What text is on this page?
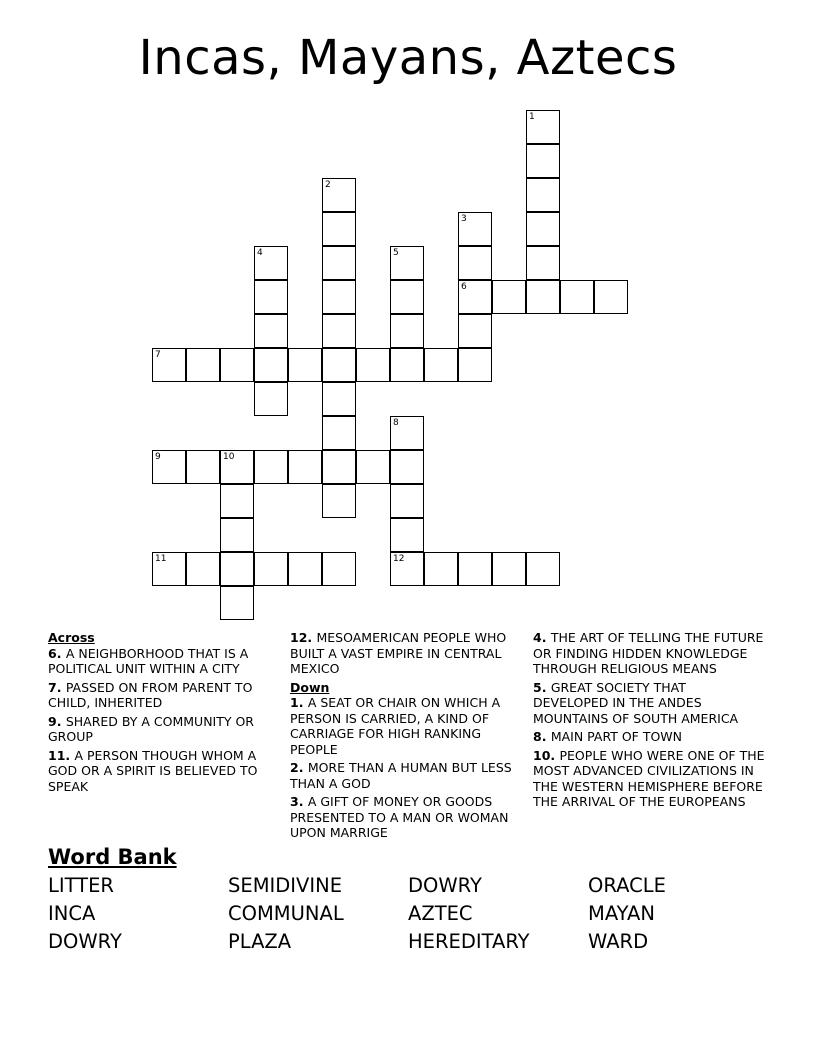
Incas, Mayans, Aztecs
1
2
3
6
4	5
7
8
12
9	10
11
Across
6. A NEIGHBORHOOD THAT IS A POLITICAL UNIT WITHIN A CITY
7. PASSED ON FROM PARENT TO CHILD, INHERITED
9. SHARED BY A COMMUNITY OR GROUP
11. A PERSON THOUGH WHOM A GOD OR A SPIRIT IS BELIEVED TO SPEAK
12. MESOAMERICAN PEOPLE WHO BUILT A VAST EMPIRE IN CENTRAL MEXICO
Down
1. A SEAT OR CHAIR ON WHICH A PERSON IS CARRIED, A KIND OF CARRIAGE FOR HIGH RANKING PEOPLE
2. MORE THAN A HUMAN BUT LESS THAN A GOD
3. A GIFT OF MONEY OR GOODS PRESENTED TO A MAN OR WOMAN UPON MARRIGE
4. THE ART OF TELLING THE FUTURE OR FINDING HIDDEN KNOWLEDGE THROUGH RELIGIOUS MEANS
5. GREAT SOCIETY THAT DEVELOPED IN THE ANDES MOUNTAINS OF SOUTH AMERICA
8. MAIN PART OF TOWN
10. PEOPLE WHO WERE ONE OF THE MOST ADVANCED CIVILIZATIONS IN THE WESTERN HEMISPHERE BEFORE THE ARRIVAL OF THE EUROPEANS
Word Bank
LITTER	SEMIDIVINE	DOWRY	ORACLE
INCA	COMMUNAL	AZTEC	MAYAN
DOWRY	PLAZA	HEREDITARY	WARD
